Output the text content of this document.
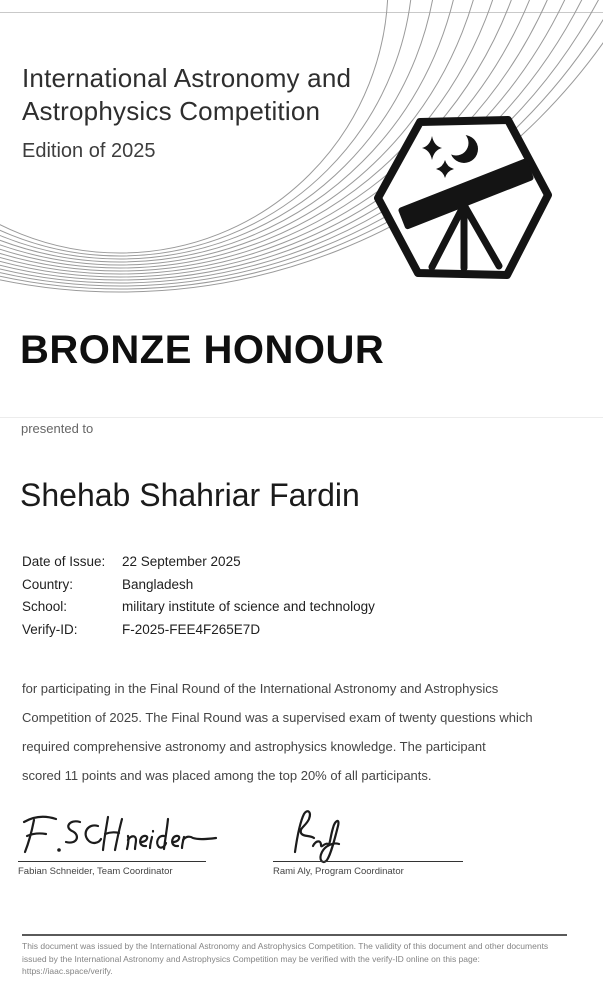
International Astronomy and
Astrophysics Competition
Edition of 2025
BRONZE HONOUR
presented to
Shehab Shahriar Fardin
Date of Issue:	22 September 2025
Country:	Bangladesh
School:	military institute of science and technology
Verify-ID:	F-2025-FEE4F265E7D
for participating in the Final Round of the International Astronomy and Astrophysics
Competition of 2025. The Final Round was a supervised exam of twenty questions which
required comprehensive astronomy and astrophysics knowledge. The participant
scored 11 points and was placed among the top 20% of all participants.
Fabian Schneider, Team Coordinator	Rami Aly, Program Coordinator
This document was issued by the International Astronomy and Astrophysics Competition. The validity of this document and other documents issued by the International Astronomy and Astrophysics Competition may be verified with the verify-ID online on this page: https://iaac.space/verify.
